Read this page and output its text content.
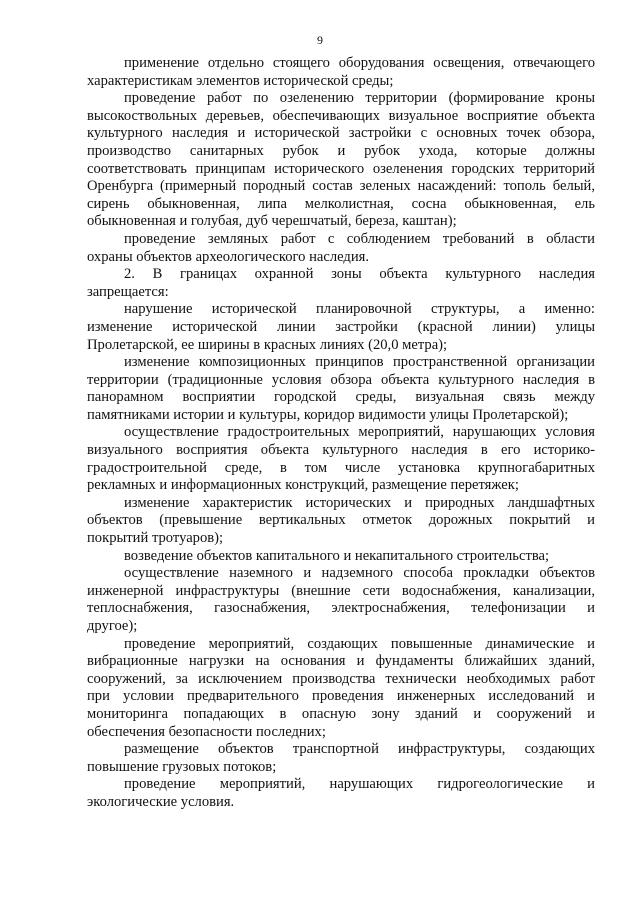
9
применение отдельно стоящего оборудования освещения, отвечающего
характеристикам элементов исторической среды;
проведение работ по озеленению территории (формирование кроны
высокоствольных деревьев, обеспечивающих визуальное восприятие объекта
культурного наследия и исторической застройки с основных точек обзора,
производство санитарных рубок и рубок ухода, которые должны
соответствовать принципам исторического озеленения городских территорий
Оренбурга (примерный породный состав зеленых насаждений: тополь белый,
сирень обыкновенная, липа мелколистная, сосна обыкновенная, ель
обыкновенная и голубая, дуб черешчатый, береза, каштан);
проведение земляных работ с соблюдением требований в области
охраны объектов археологического наследия.
2. В границах охранной зоны объекта культурного наследия
запрещается:
нарушение исторической планировочной структуры, а именно:
изменение исторической линии застройки (красной линии) улицы
Пролетарской, ее ширины в красных линиях (20,0 метра);
изменение композиционных принципов пространственной организации
территории (традиционные условия обзора объекта культурного наследия в
панорамном восприятии городской среды, визуальная связь между
памятниками истории и культуры, коридор видимости улицы Пролетарской);
осуществление градостроительных мероприятий, нарушающих условия
визуального восприятия объекта культурного наследия в его историко-
градостроительной среде, в том числе установка крупногабаритных
рекламных и информационных конструкций, размещение перетяжек;
изменение характеристик исторических и природных ландшафтных
объектов (превышение вертикальных отметок дорожных покрытий и
покрытий тротуаров);
возведение объектов капитального и некапитального строительства;
осуществление наземного и надземного способа прокладки объектов
инженерной инфраструктуры (внешние сети водоснабжения, канализации,
теплоснабжения, газоснабжения, электроснабжения, телефонизации и
другое);
проведение мероприятий, создающих повышенные динамические и
вибрационные нагрузки на основания и фундаменты ближайших зданий,
сооружений, за исключением производства технически необходимых работ
при условии предварительного проведения инженерных исследований и
мониторинга попадающих в опасную зону зданий и сооружений и
обеспечения безопасности последних;
размещение объектов транспортной инфраструктуры, создающих
повышение грузовых потоков;
проведение мероприятий, нарушающих гидрогеологические и
экологические условия.
